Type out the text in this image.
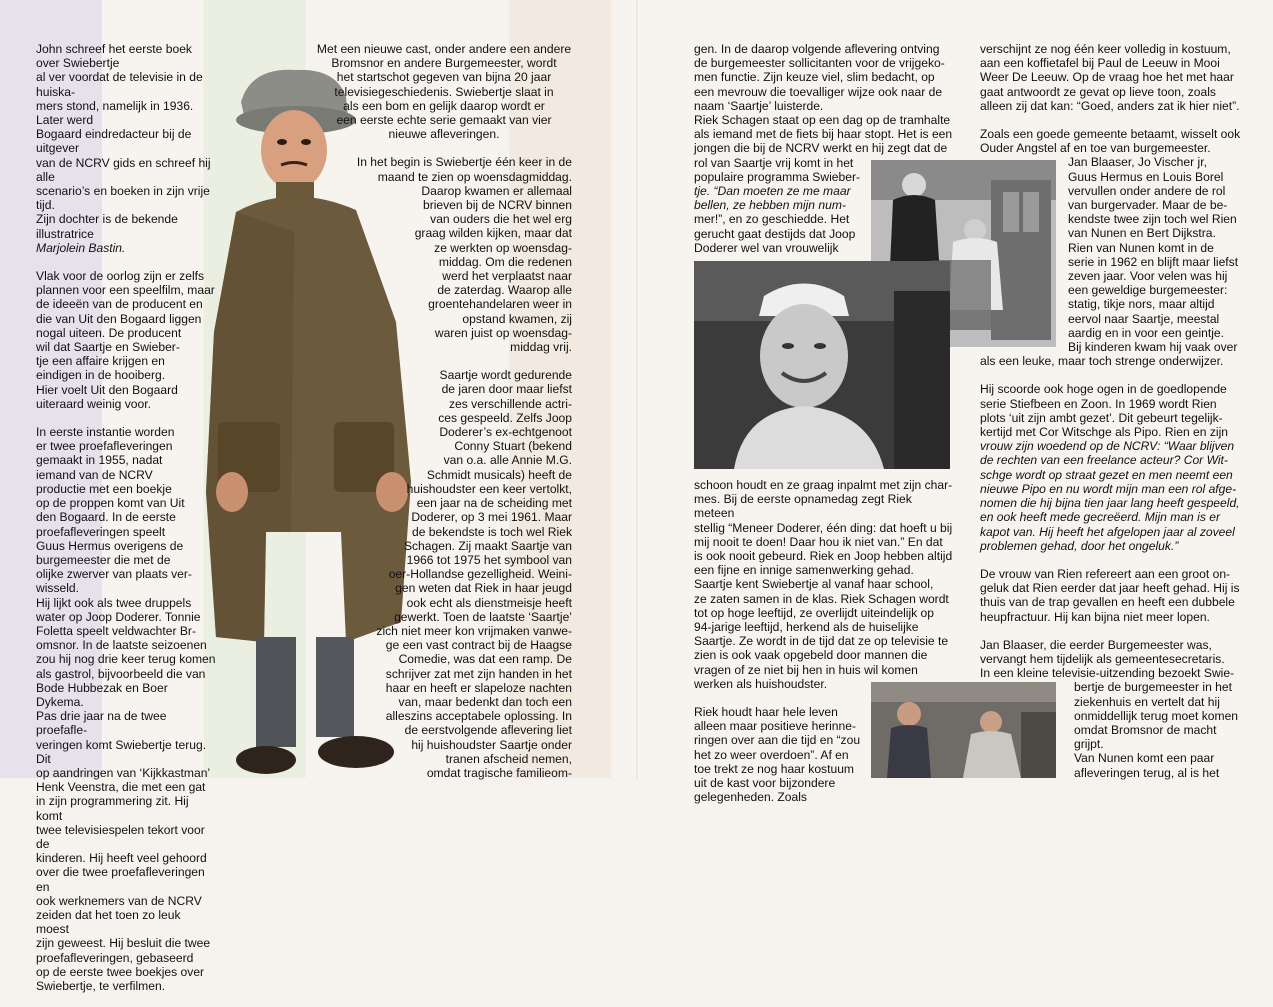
John schreef het eerste boek over Swiebertje
al ver voordat de televisie in de huiska-
mers stond, namelijk in 1936. Later werd
Bogaard eindredacteur bij de uitgever
van de NCRV gids en schreef hij alle
scenario’s en boeken in zijn vrije tijd.
Zijn dochter is de bekende illustratrice
Marjolein Bastin.

Vlak voor de oorlog zijn er zelfs
plannen voor een speelfilm, maar
de ideeën van de producent en
die van Uit den Bogaard liggen
nogal uiteen. De producent
wil dat Saartje en Swieber-
tje een affaire krijgen en
eindigen in de hooiberg.
Hier voelt Uit den Bogaard
uiteraard weinig voor.

In eerste instantie worden
er twee proefafleveringen
gemaakt in 1955, nadat
iemand van de NCRV
productie met een boekje
op de proppen komt van Uit
den Bogaard. In de eerste
proefafleveringen speelt
Guus Hermus overigens de
burgemeester die met de
olijke zwerver van plaats ver-
wisseld.
Hij lijkt ook als twee druppels
water op Joop Doderer. Tonnie
Foletta speelt veldwachter Br-
omsnor. In de laatste seizoenen
zou hij nog drie keer terug komen
als gastrol, bijvoorbeeld die van
Bode Hubbezak en Boer Dykema.
Pas drie jaar na de twee proefafle-
veringen komt Swiebertje terug. Dit
op aandringen van ‘Kijkkastman’
Henk Veenstra, die met een gat
in zijn programmering zit. Hij komt
twee televisiespelen tekort voor de
kinderen. Hij heeft veel gehoord
over die twee proefafleveringen en
ook werknemers van de NCRV
zeiden dat het toen zo leuk moest
zijn geweest. Hij besluit die twee
proefafleveringen, gebaseerd
op de eerste twee boekjes over
Swiebertje, te verfilmen.

Met een nieuwe cast, onder andere een andere
Bromsnor en andere Burgemeester, wordt
het startschot gegeven van bijna 20 jaar
televisiegeschiedenis. Swiebertje slaat in
als een bom en gelijk daarop wordt er
een eerste echte serie gemaakt van vier
nieuwe afleveringen.

In het begin is Swiebertje één keer in de
maand te zien op woensdagmiddag.
Daarop kwamen er allemaal
brieven bij de NCRV binnen
van ouders die het wel erg
graag wilden kijken, maar dat
ze werkten op woensdag-
middag. Om die redenen
werd het verplaatst naar
de zaterdag. Waarop alle
groentehandelaren weer in
opstand kwamen, zij
waren juist op woensdag-
middag vrij.

Saartje wordt gedurende
de jaren door maar liefst
zes verschillende actri-
ces gespeeld. Zelfs Joop
Doderer’s ex-echtgenoot
Conny Stuart (bekend
van o.a. alle Annie M.G.
Schmidt musicals) heeft de
huishoudster een keer vertolkt,
een jaar na de scheiding met
Doderer, op 3 mei 1961. Maar
de bekendste is toch wel Riek
Schagen. Zij maakt Saartje van
1966 tot 1975 het symbool van
oer-Hollandse gezelligheid. Weini-
gen weten dat Riek in haar jeugd
ook echt als dienstmeisje heeft
gewerkt. Toen de laatste ‘Saartje’
zich niet meer kon vrijmaken vanwe-
ge een vast contract bij de Haagse
Comedie, was dat een ramp. De
schrijver zat met zijn handen in het
haar en heeft er slapeloze nachten
van, maar bedenkt dan toch een
alleszins acceptabele oplossing. In
de eerstvolgende aflevering liet
hij huishoudster Saartje onder
tranen afscheid nemen,
omdat tragische familieom-

gen. In de daarop volgende aflevering ontving
de burgemeester sollicitanten voor de vrijgeko-
men functie. Zijn keuze viel, slim bedacht, op
een mevrouw die toevalliger wijze ook naar de
naam ‘Saartje’ luisterde.
Riek Schagen staat op een dag op de tramhalte
als iemand met de fiets bij haar stopt. Het is een
jongen die bij de NCRV werkt en hij zegt dat de
rol van Saartje vrij komt in het
populaire programma Swieber-
tje. “Dan moeten ze me maar
bellen, ze hebben mijn num-
mer!”, en zo geschiedde. Het
gerucht gaat destijds dat Joop
Doderer wel van vrouwelijk

schoon houdt en ze graag inpalmt met zijn char-
mes. Bij de eerste opnamedag zegt Riek meteen
stellig “Meneer Doderer, één ding: dat hoeft u bij
mij nooit te doen! Daar hou ik niet van.” En dat
is ook nooit gebeurd. Riek en Joop hebben altijd
een fijne en innige samenwerking gehad.
Saartje kent Swiebertje al vanaf haar school,
ze zaten samen in de klas. Riek Schagen wordt
tot op hoge leeftijd, ze overlijdt uiteindelijk op
94-jarige leeftijd, herkend als de huiselijke
Saartje. Ze wordt in de tijd dat ze op televisie te
zien is ook vaak opgebeld door mannen die
vragen of ze niet bij hen in huis wil komen
werken als huishoudster.

Riek houdt haar hele leven
alleen maar positieve herinne-
ringen over aan die tijd en “zou
het zo weer overdoen”. Af en
toe trekt ze nog haar kostuum
uit de kast voor bijzondere
gelegenheden. Zoals

verschijnt ze nog één keer volledig in kostuum,
aan een koffietafel bij Paul de Leeuw in Mooi
Weer De Leeuw. Op de vraag hoe het met haar
gaat antwoordt ze gevat op lieve toon, zoals
alleen zij dat kan: “Goed, anders zat ik hier niet”.

Zoals een goede gemeente betaamt, wisselt ook
Ouder Angstel af en toe van burgemeester.
Jan Blaaser, Jo Vischer jr,
Guus Hermus en Louis Borel
vervullen onder andere de rol
van burgervader. Maar de be-
kendste twee zijn toch wel Rien
van Nunen en Bert Dijkstra.
Rien van Nunen komt in de
serie in 1962 en blijft maar liefst
zeven jaar. Voor velen was hij
een geweldige burgemeester:
statig, tikje nors, maar altijd
eervol naar Saartje, meestal
aardig en in voor een geintje.
Bij kinderen kwam hij vaak over
als een leuke, maar toch strenge onderwijzer.

Hij scoorde ook hoge ogen in de goedlopende
serie Stiefbeen en Zoon. In 1969 wordt Rien
plots ‘uit zijn ambt gezet’. Dit gebeurt tegelijk-
kertijd met Cor Witschge als Pipo. Rien en zijn
vrouw zijn woedend op de NCRV: “Waar blijven
de rechten van een freelance acteur? Cor Wit-
schge wordt op straat gezet en men neemt een
nieuwe Pipo en nu wordt mijn man een rol afge-
nomen die hij bijna tien jaar lang heeft gespeeld,
en ook heeft mede gecreëerd. Mijn man is er
kapot van. Hij heeft het afgelopen jaar al zoveel
problemen gehad, door het ongeluk.”

De vrouw van Rien refereert aan een groot on-
geluk dat Rien eerder dat jaar heeft gehad. Hij is
thuis van de trap gevallen en heeft een dubbele
heupfractuur. Hij kan bijna niet meer lopen.

Jan Blaaser, die eerder Burgemeester was,
vervangt hem tijdelijk als gemeentesecretaris.
In een kleine televisie-uitzending bezoekt Swie-
bertje de burgemeester in het
ziekenhuis en vertelt dat hij
onmiddellijk terug moet komen
omdat Bromsnor de macht
grijpt.
Van Nunen komt een paar
afleveringen terug, al is het
